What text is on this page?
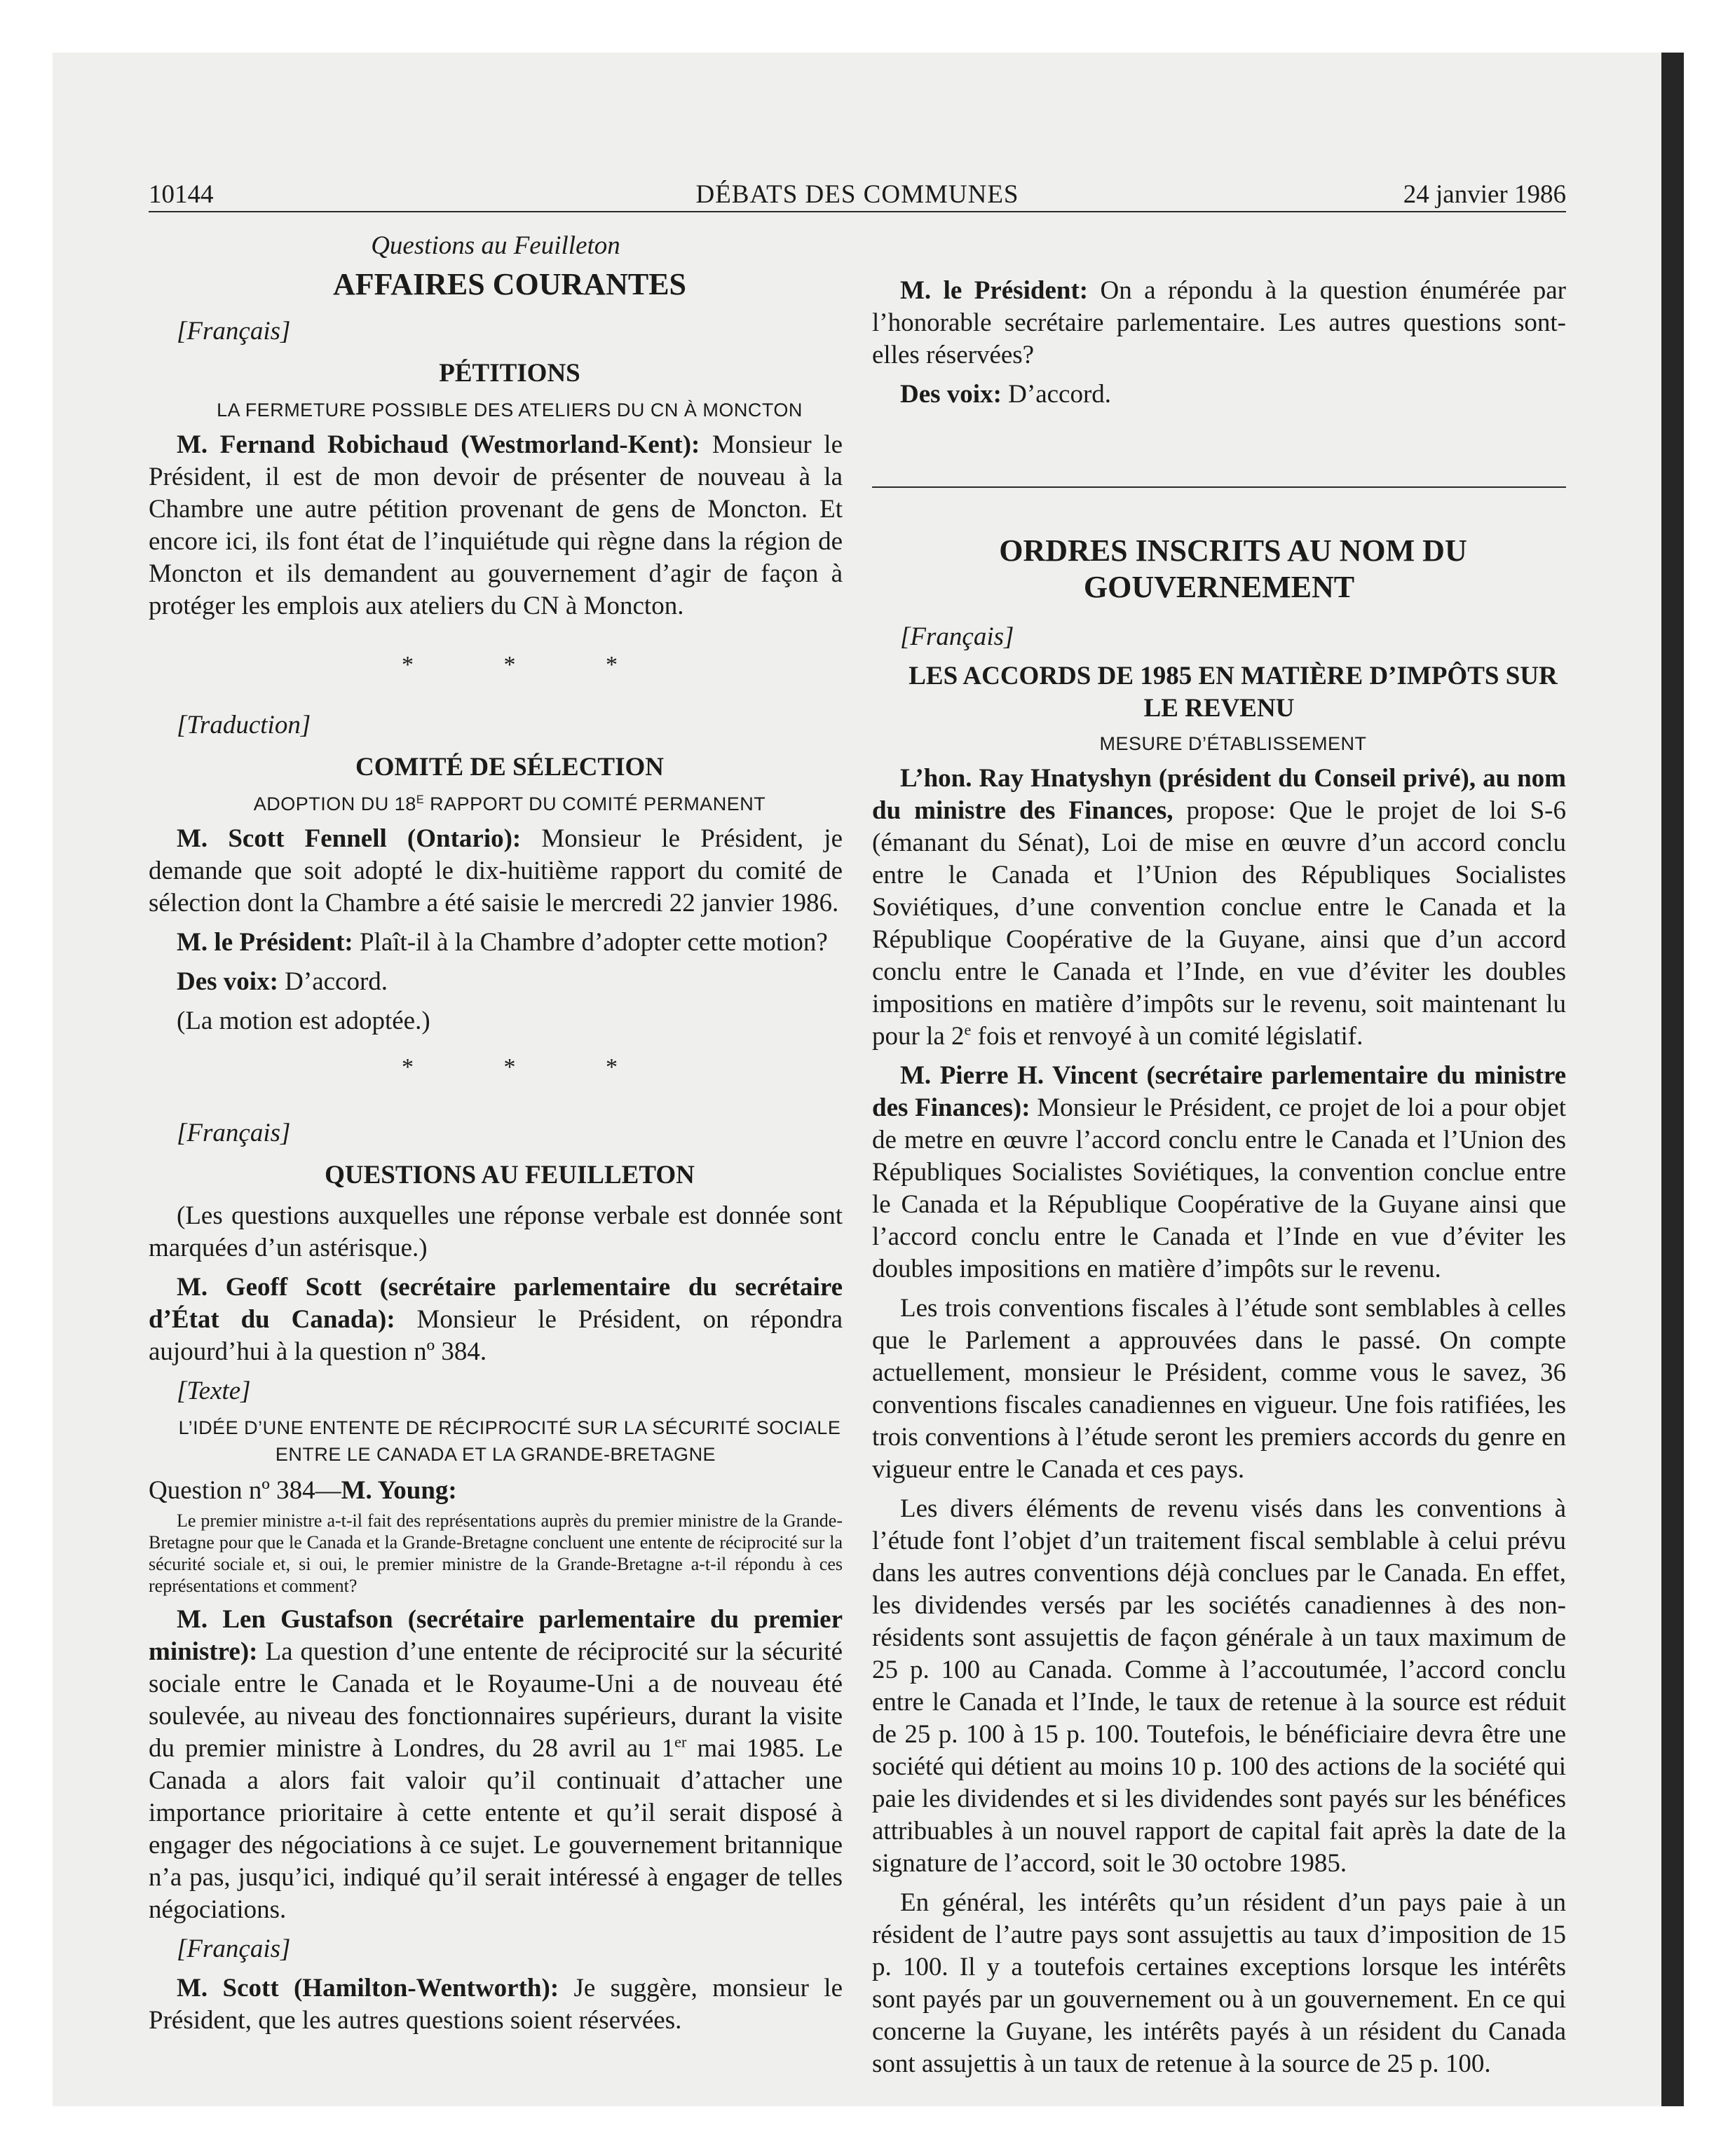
10144	DÉBATS DES COMMUNES	24 janvier 1986

Questions au Feuilleton

AFFAIRES COURANTES

[Français]

PÉTITIONS

LA FERMETURE POSSIBLE DES ATELIERS DU CN À MONCTON

M. Fernand Robichaud (Westmorland-Kent): Monsieur le Président, il est de mon devoir de présenter de nouveau à la Chambre une autre pétition provenant de gens de Moncton. Et encore ici, ils font état de l’inquiétude qui règne dans la région de Moncton et ils demandent au gouvernement d’agir de façon à protéger les emplois aux ateliers du CN à Moncton.

* * *

[Traduction]

COMITÉ DE SÉLECTION

ADOPTION DU $18^E$ RAPPORT DU COMITÉ PERMANENT

M. Scott Fennell (Ontario): Monsieur le Président, je demande que soit adopté le dix-huitième rapport du comité de sélection dont la Chambre a été saisie le mercredi 22 janvier 1986.

M. le Président: Plaît-il à la Chambre d’adopter cette motion?

Des voix: D’accord.

(La motion est adoptée.)

* * *

[Français]

QUESTIONS AU FEUILLETON

(Les questions auxquelles une réponse verbale est donnée sont marquées d’un astérisque.)

M. Geoff Scott (secrétaire parlementaire du secrétaire d’État du Canada): Monsieur le Président, on répondra aujourd’hui à la question nº 384.

[Texte]

L’IDÉE D’UNE ENTENTE DE RÉCIPROCITÉ SUR LA SÉCURITÉ SOCIALE ENTRE LE CANADA ET LA GRANDE-BRETAGNE

Question nº 384—M. Young:

Le premier ministre a-t-il fait des représentations auprès du premier ministre de la Grande-Bretagne pour que le Canada et la Grande-Bretagne concluent une entente de réciprocité sur la sécurité sociale et, si oui, le premier ministre de la Grande-Bretagne a-t-il répondu à ces représentations et comment?

M. Len Gustafson (secrétaire parlementaire du premier ministre): La question d’une entente de réciprocité sur la sécurité sociale entre le Canada et le Royaume-Uni a de nouveau été soulevée, au niveau des fonctionnaires supérieurs, durant la visite du premier ministre à Londres, du 28 avril au 1er mai 1985. Le Canada a alors fait valoir qu’il continuait d’attacher une importance prioritaire à cette entente et qu’il serait disposé à engager des négociations à ce sujet. Le gouvernement britannique n’a pas, jusqu’ici, indiqué qu’il serait intéressé à engager de telles négociations.

[Français]

M. Scott (Hamilton-Wentworth): Je suggère, monsieur le Président, que les autres questions soient réservées.

M. le Président: On a répondu à la question énumérée par l’honorable secrétaire parlementaire. Les autres questions sont-elles réservées?

Des voix: D’accord.

ORDRES INSCRITS AU NOM DU GOUVERNEMENT

[Français]

LES ACCORDS DE 1985 EN MATIÈRE D’IMPÔTS SUR LE REVENU

MESURE D’ÉTABLISSEMENT

L’hon. Ray Hnatyshyn (président du Conseil privé), au nom du ministre des Finances, propose: Que le projet de loi S-6 (émanant du Sénat), Loi de mise en œuvre d’un accord conclu entre le Canada et l’Union des Républiques Socialistes Soviétiques, d’une convention conclue entre le Canada et la République Coopérative de la Guyane, ainsi que d’un accord conclu entre le Canada et l’Inde, en vue d’éviter les doubles impositions en matière d’impôts sur le revenu, soit maintenant lu pour la 2e fois et renvoyé à un comité législatif.

M. Pierre H. Vincent (secrétaire parlementaire du ministre des Finances): Monsieur le Président, ce projet de loi a pour objet de metre en œuvre l’accord conclu entre le Canada et l’Union des Républiques Socialistes Soviétiques, la convention conclue entre le Canada et la République Coopérative de la Guyane ainsi que l’accord conclu entre le Canada et l’Inde en vue d’éviter les doubles impositions en matière d’impôts sur le revenu.

Les trois conventions fiscales à l’étude sont semblables à celles que le Parlement a approuvées dans le passé. On compte actuellement, monsieur le Président, comme vous le savez, 36 conventions fiscales canadiennes en vigueur. Une fois ratifiées, les trois conventions à l’étude seront les premiers accords du genre en vigueur entre le Canada et ces pays.

Les divers éléments de revenu visés dans les conventions à l’étude font l’objet d’un traitement fiscal semblable à celui prévu dans les autres conventions déjà conclues par le Canada. En effet, les dividendes versés par les sociétés canadiennes à des non-résidents sont assujettis de façon générale à un taux maximum de 25 p. 100 au Canada. Comme à l’accoutumée, l’accord conclu entre le Canada et l’Inde, le taux de retenue à la source est réduit de 25 p. 100 à 15 p. 100. Toutefois, le bénéficiaire devra être une société qui détient au moins 10 p. 100 des actions de la société qui paie les dividendes et si les dividendes sont payés sur les bénéfices attribuables à un nouvel rapport de capital fait après la date de la signature de l’accord, soit le 30 octobre 1985.

En général, les intérêts qu’un résident d’un pays paie à un résident de l’autre pays sont assujettis au taux d’imposition de 15 p. 100. Il y a toutefois certaines exceptions lorsque les intérêts sont payés par un gouvernement ou à un gouvernement. En ce qui concerne la Guyane, les intérêts payés à un résident du Canada sont assujettis à un taux de retenue à la source de 25 p. 100.
